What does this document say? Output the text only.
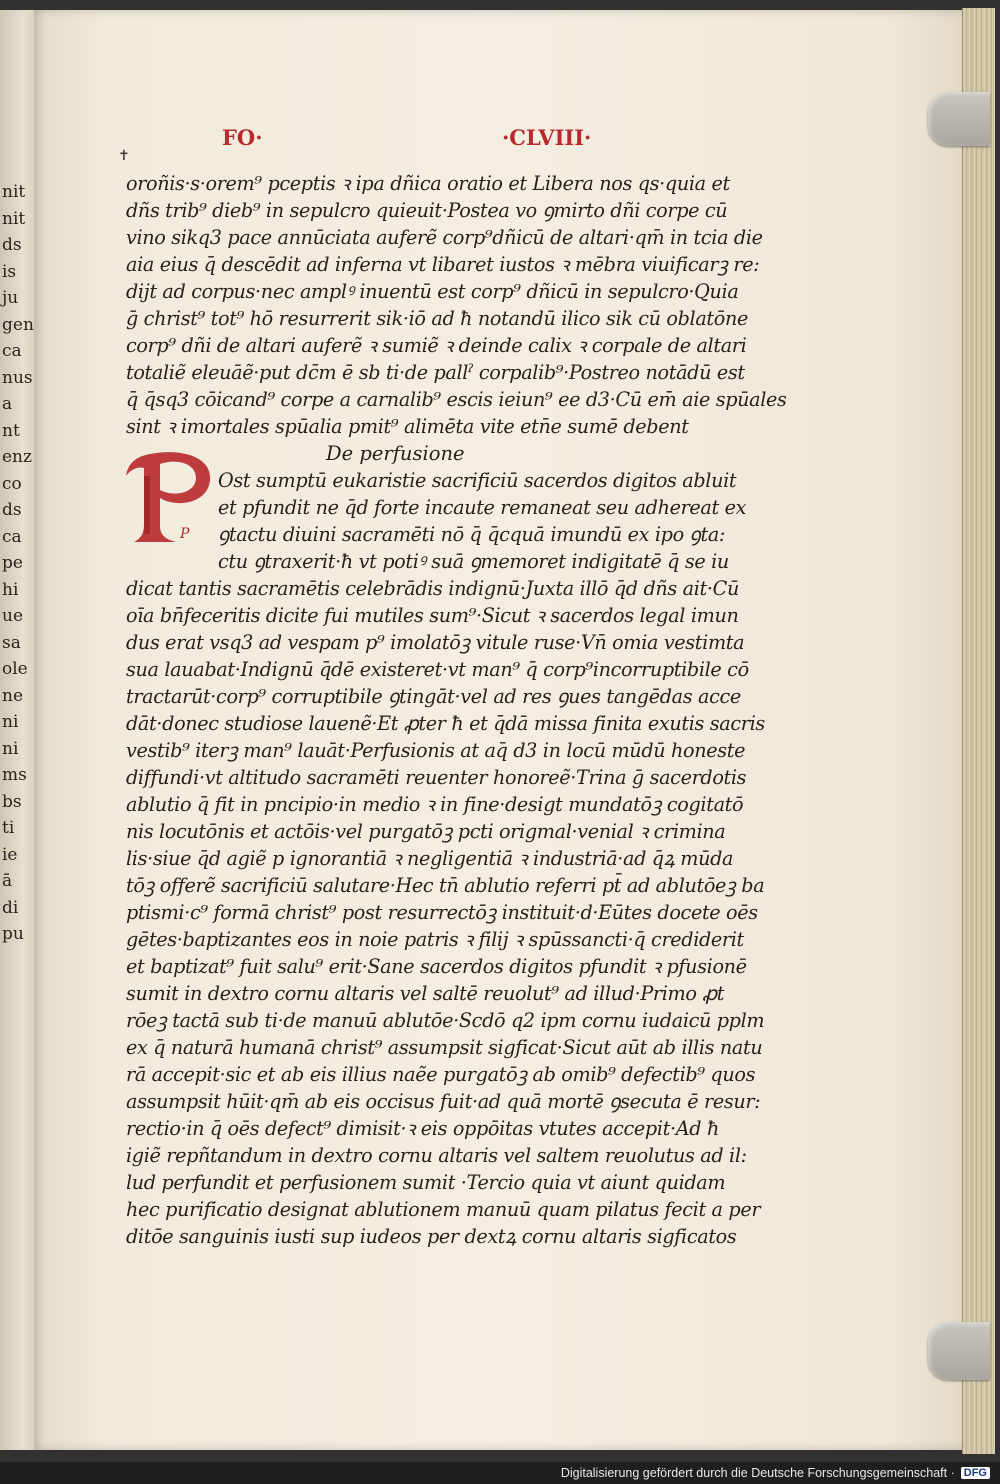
nit
nit
ds
is
ju
gen
ca
nus
a
nt
enz
co
ds
ca
pe
hi
ue
sa
ole
ne
ni
ni
ms
bs
ti
ie
ā
di
pu
FO·	·CLVIII·
✝
oroñis·s·orem⁹ pceptis ꝛ ipa dñica oratio et Libera nos qs·quia et
dñs trib⁹ dieb⁹ in sepulcro quieuit·Postea vo ꝯmirto dñi corpe cū
vino sikq3 pace annūciata auferẽ corp⁹dñicū de altari·qm̄ in tcia die
aia eius q̄ descēdit ad inferna vt libaret iustos ꝛ mēbra viuificarꝫ re:
dijt ad corpus·nec amplꝰ inuentū est corp⁹ dñicū in sepulcro·Quia
ḡ christ⁹ tot⁹ hō resurrerit sik·iō ad ħ notandū ilico sik cū oblatōne
corp⁹ dñi de altari auferẽ ꝛ sumiẽ ꝛ deinde calix ꝛ corpale de altari
totaliẽ eleuāẽ·put dc̄m ē sb ti·de pallˀ corpalib⁹·Postreo notādū est
q̄ q̄sq3 cōicand⁹ corpe a carnalib⁹ escis ieiun⁹ ee d3·Cū em̄ aie spūales
sint ꝛ imortales spūalia pmit⁹ alimēta vite etn̄e sumē debent
De perfusione
Ost sumptū eukaristie sacrificiū sacerdos digitos abluit
et pfundit ne q̄d forte incaute remaneat seu adhereat ex
ꝯtactu diuini sacramēti nō q̄ q̄cquā imundū ex ipo ꝯta:
ctu ꝯtraxerit·ħ vt potiꝰ suā ꝯmemoret indigitatē q̄ se iu
dicat tantis sacramētis celebrādis indignū·Juxta illō q̄d dñs ait·Cū
oīa bn̄feceritis dicite fui mutiles sum⁹·Sicut ꝛ sacerdos legal imun
dus erat vsq3 ad vespam p⁹ imolatōꝫ vitule ruse·Vn̄ omia vestimta
sua lauabat·Indignū q̄dē existeret·vt man⁹ q̄ corp⁹incorruptibile cō
tractarūt·corp⁹ corruptibile ꝯtingāt·vel ad res ꝯues tangēdas acce
dāt·donec studiose lauenẽ·Et ꝓter ħ et q̄dā missa finita exutis sacris
vestib⁹ iterꝫ man⁹ lauāt·Perfusionis at aq̄ d3 in locū mūdū honeste
diffundi·vt altitudo sacramēti reuenter honoreẽ·Trina ḡ sacerdotis
ablutio q̄ fit in pncipio·in medio ꝛ in fine·desigt mundatōꝫ cogitatō
nis locutōnis et actōis·vel purgatōꝫ pcti origmal·venial ꝛ crimina
lis·siue q̄d agiẽ p ignorantiā ꝛ negligentiā ꝛ industriā·ad q̄ꝝ mūda
tōꝫ offerẽ sacrificiū salutare·Hec tn̄ ablutio referri pt̄ ad ablutōeꝫ ba
ptismi·c⁹ formā christ⁹ post resurrectōꝫ instituit·d·Eūtes docete oēs
gētes·baptizantes eos in noie patris ꝛ filij ꝛ spūssancti·q̄ crediderit
et baptizat⁹ fuit salu⁹ erit·Sane sacerdos digitos pfundit ꝛ pfusionē
sumit in dextro cornu altaris vel saltē reuolut⁹ ad illud·Primo ꝓt
rōeꝫ tactā sub ti·de manuū ablutōe·Scdō q2 ipm cornu iudaicū pplm
ex q̄ naturā humanā christ⁹ assumpsit sigficat·Sicut aūt ab illis natu
rā accepit·sic et ab eis illius naẽe purgatōꝫ ab omib⁹ defectib⁹ quos
assumpsit hūit·qm̄ ab eis occisus fuit·ad quā mortē ꝯsecuta ē resur:
rectio·in q̄ oēs defect⁹ dimisit·ꝛ eis oppōitas vtutes accepit·Ad ħ
igiẽ repñtandum in dextro cornu altaris vel saltem reuolutus ad il:
lud perfundit et perfusionem sumit ·Tercio quia vt aiunt quidam
hec purificatio designat ablutionem manuū quam pilatus fecit a per
ditōe sanguinis iusti sup iudeos per dextꝝ cornu altaris sigficatos
P
Digitalisierung gefördert durch die Deutsche Forschungsgemeinschaft · DFG
